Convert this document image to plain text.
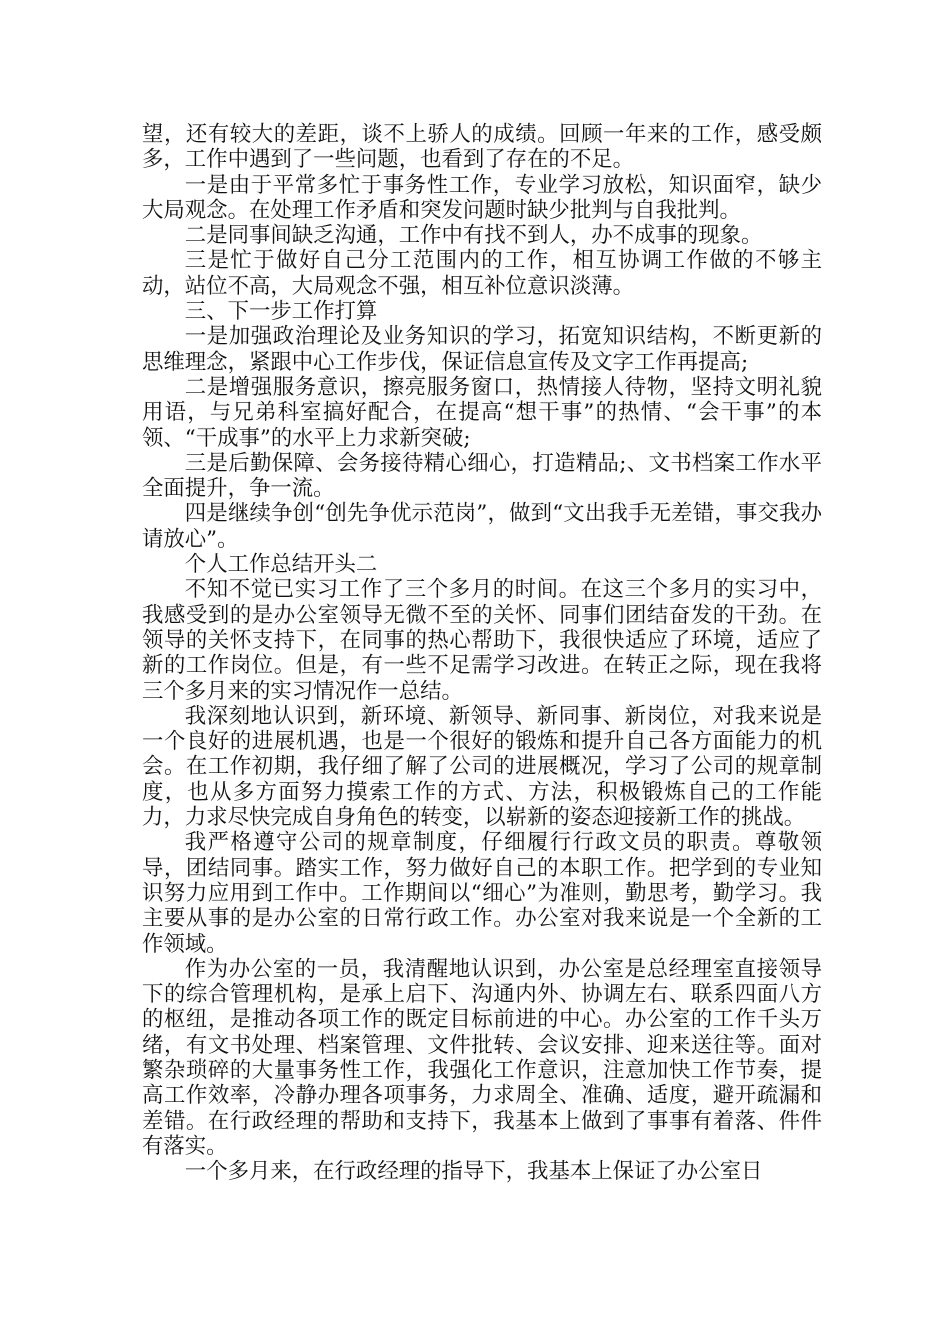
望，还有较大的差距，谈不上骄人的成绩。回顾一年来的工作，感受颇多，工作中遇到了一些问题，也看到了存在的不足。

一是由于平常多忙于事务性工作，专业学习放松，知识面窄，缺少大局观念。在处理工作矛盾和突发问题时缺少批判与自我批判。

二是同事间缺乏沟通，工作中有找不到人，办不成事的现象。

三是忙于做好自己分工范围内的工作，相互协调工作做的不够主动，站位不高，大局观念不强，相互补位意识淡薄。

三、下一步工作打算

一是加强政治理论及业务知识的学习，拓宽知识结构，不断更新的思维理念，紧跟中心工作步伐，保证信息宣传及文字工作再提高;

二是增强服务意识，擦亮服务窗口，热情接人待物，坚持文明礼貌用语，与兄弟科室搞好配合，在提高“想干事”的热情、“会干事”的本领、“干成事”的水平上力求新突破;

三是后勤保障、会务接待精心细心，打造精品;、文书档案工作水平全面提升，争一流。

四是继续争创“创先争优示范岗”，做到“文出我手无差错，事交我办请放心”。

个人工作总结开头二

不知不觉已实习工作了三个多月的时间。在这三个多月的实习中，我感受到的是办公室领导无微不至的关怀、同事们团结奋发的干劲。在领导的关怀支持下，在同事的热心帮助下，我很快适应了环境，适应了新的工作岗位。但是，有一些不足需学习改进。在转正之际，现在我将三个多月来的实习情况作一总结。

我深刻地认识到，新环境、新领导、新同事、新岗位，对我来说是一个良好的进展机遇，也是一个很好的锻炼和提升自己各方面能力的机会。在工作初期，我仔细了解了公司的进展概况，学习了公司的规章制度，也从多方面努力摸索工作的方式、方法，积极锻炼自己的工作能力，力求尽快完成自身角色的转变，以崭新的姿态迎接新工作的挑战。

我严格遵守公司的规章制度，仔细履行行政文员的职责。尊敬领导，团结同事。踏实工作，努力做好自己的本职工作。把学到的专业知识努力应用到工作中。工作期间以“细心”为准则，勤思考，勤学习。我主要从事的是办公室的日常行政工作。办公室对我来说是一个全新的工作领域。

作为办公室的一员，我清醒地认识到，办公室是总经理室直接领导下的综合管理机构，是承上启下、沟通内外、协调左右、联系四面八方的枢纽，是推动各项工作的既定目标前进的中心。办公室的工作千头万绪，有文书处理、档案管理、文件批转、会议安排、迎来送往等。面对繁杂琐碎的大量事务性工作，我强化工作意识，注意加快工作节奏，提高工作效率，冷静办理各项事务，力求周全、准确、适度，避开疏漏和差错。在行政经理的帮助和支持下，我基本上做到了事事有着落、件件有落实。

一个多月来，在行政经理的指导下，我基本上保证了办公室日
